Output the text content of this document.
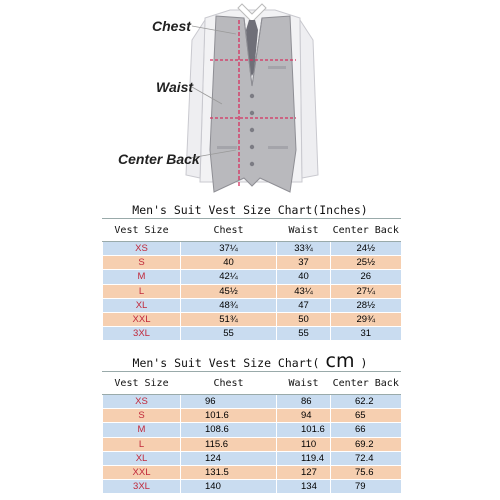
Chest
Waist
Center Back
Men's Suit Vest Size Chart(Inches)
Vest Size	Chest	Waist	Center Back
XS	37¼	33¾	24½
S	40	37	25½
M	42¼	40	26
L	45½	43¼	27¼
XL	48¾	47	28½
XXL	51¾	50	29¾
3XL	55	55	31
Men's Suit Vest Size Chart( cm )
Vest Size	Chest	Waist	Center Back
XS	96	86	62.2
S	101.6	94	65
M	108.6	101.6	66
L	115.6	110	69.2
XL	124	119.4	72.4
XXL	131.5	127	75.6
3XL	140	134	79
